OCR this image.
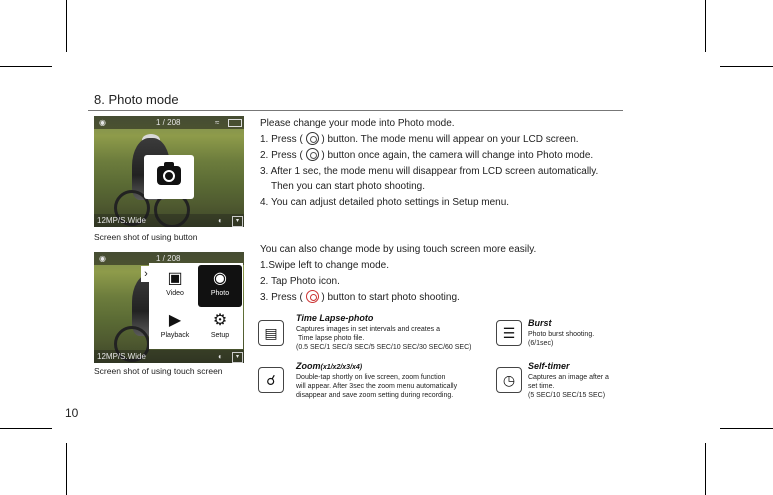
8. Photo mode
◉	1 / 208	≈
12MP/S.Wide	◐	▾
Screen shot of using button
◉	1 / 208
›	▣
Video
◉
Photo
▶
Playback
⚙
Setup
12MP/S.Wide	◐	▾
Screen shot of using touch screen
Please change your mode into Photo mode.
1. Press ( ) button. The mode menu will appear on your LCD screen.
2. Press ( ) button once again, the camera will change into Photo mode.
3. After 1 sec, the mode menu will disappear from LCD screen automatically.
Then you can start photo shooting.
4. You can adjust detailed photo settings in Setup menu.
You can also change mode by using touch screen more easily.
1.Swipe left to change mode.
2. Tap Photo icon.
3. Press ( ) button to start photo shooting.
▤
Time Lapse-photo
Captures images in set intervals and creates a
Time lapse photo file.
(0.5 SEC/1 SEC/3 SEC/5 SEC/10 SEC/30 SEC/60 SEC)
☰
Burst
Photo burst shooting.
(6/1sec)
☌
Zoom(x1/x2/x3/x4)
Double-tap shortly on live screen, zoom function
will appear. After 3sec the zoom menu automatically
disappear and save zoom setting during recording.
◷
Self-timer
Captures an image after a
set time.
(5 SEC/10 SEC/15 SEC)
10
